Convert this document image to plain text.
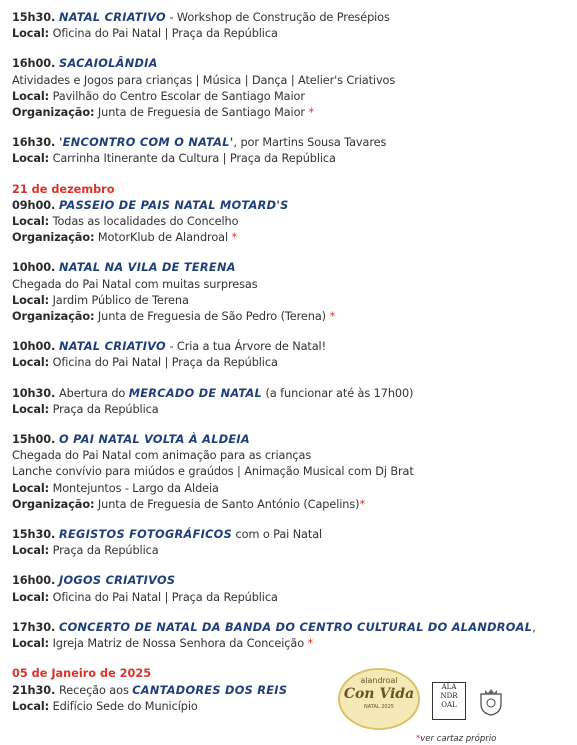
15h30. NATAL CRIATIVO - Workshop de Construção de Presépios
Local: Oficina do Pai Natal | Praça da República
16h00. SACAIOLÂNDIA
Atividades e Jogos para crianças | Música | Dança | Atelier's Criativos
Local: Pavilhão do Centro Escolar de Santiago Maior
Organização: Junta de Freguesia de Santiago Maior *
16h30. 'ENCONTRO COM O NATAL', por Martins Sousa Tavares
Local: Carrinha Itinerante da Cultura | Praça da República
21 de dezembro
09h00. PASSEIO DE PAIS NATAL MOTARD'S
Local: Todas as localidades do Concelho
Organização: MotorKlub de Alandroal *
10h00. NATAL NA VILA DE TERENA
Chegada do Pai Natal com muitas surpresas
Local: Jardim Público de Terena
Organização: Junta de Freguesia de São Pedro (Terena) *
10h00. NATAL CRIATIVO - Cria a tua Árvore de Natal!
Local: Oficina do Pai Natal | Praça da República
10h30. Abertura do MERCADO DE NATAL (a funcionar até às 17h00)
Local: Praça da República
15h00. O PAI NATAL VOLTA À ALDEIA
Chegada do Pai Natal com animação para as crianças
Lanche convívio para miúdos e graúdos | Animação Musical com Dj Brat
Local: Montejuntos - Largo da Aldeia
Organização: Junta de Freguesia de Santo António (Capelins)*
15h30. REGISTOS FOTOGRÁFICOS com o Pai Natal
Local: Praça da República
16h00. JOGOS CRIATIVOS
Local: Oficina do Pai Natal | Praça da República
17h30. CONCERTO DE NATAL DA BANDA DO CENTRO CULTURAL DO ALANDROAL,
Local: Igreja Matriz de Nossa Senhora da Conceição *
05 de Janeiro de 2025
21h30. Receção aos CANTADORES DOS REIS
Local: Edifício Sede do Município
alandroal
Con Vida
NATAL 2025
ALA
NDR
OAL
*ver cartaz próprio
